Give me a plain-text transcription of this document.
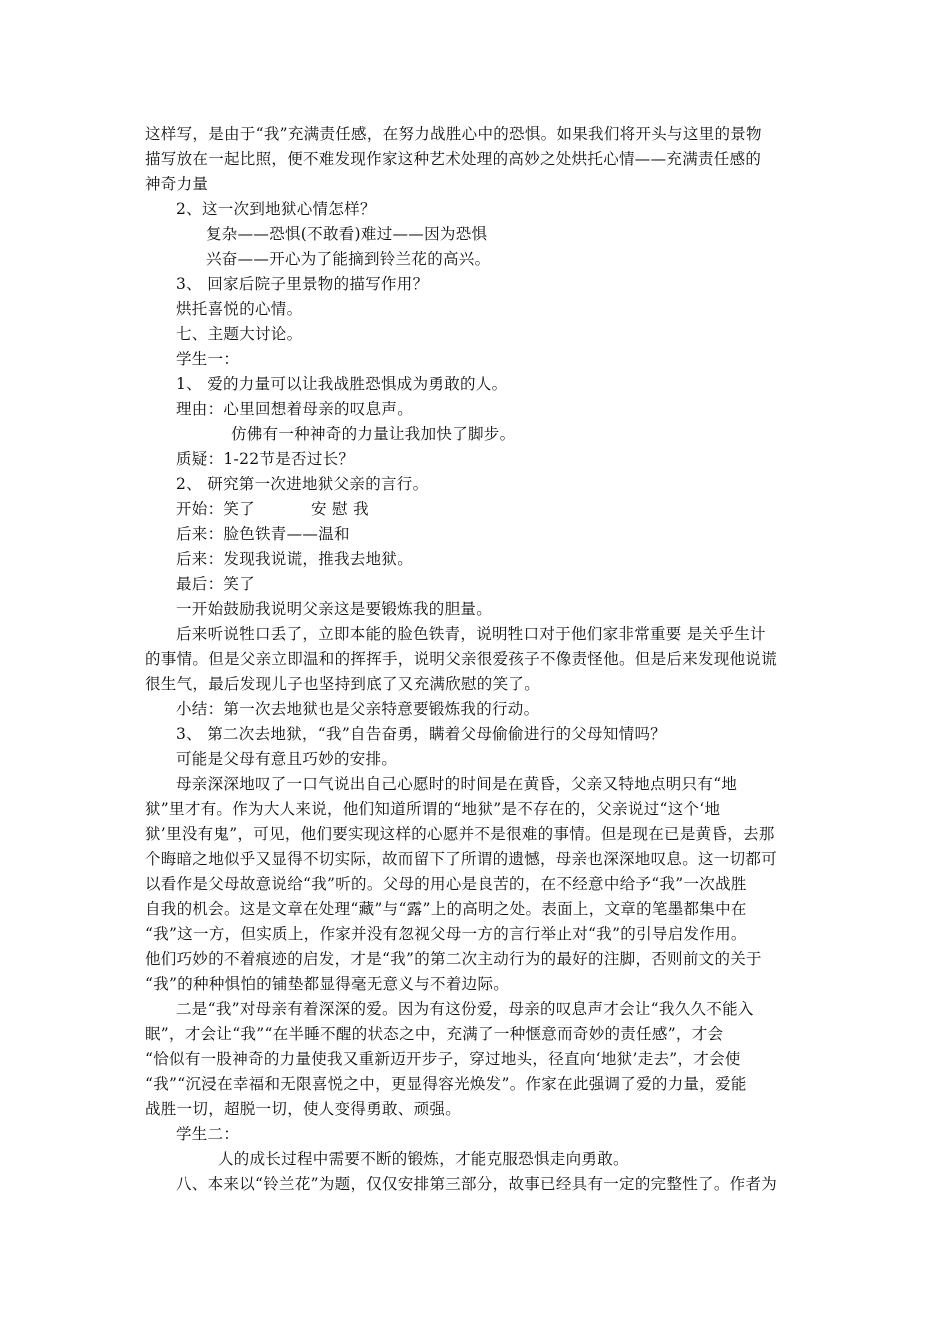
这样写，是由于“我”充满责任感，在努力战胜心中的恐惧。如果我们将开头与这里的景物
描写放在一起比照，便不难发现作家这种艺术处理的高妙之处烘托心情——充满责任感的
神奇力量
2、这一次到地狱心情怎样？
复杂——恐惧(不敢看)难过——因为恐惧
兴奋——开心为了能摘到铃兰花的高兴。
3、 回家后院子里景物的描写作用？
烘托喜悦的心情。
七、主题大讨论。
学生一：
1、 爱的力量可以让我战胜恐惧成为勇敢的人。
理由：心里回想着母亲的叹息声。
仿佛有一种神奇的力量让我加快了脚步。
质疑：1-22节是否过长？
2、 研究第一次进地狱父亲的言行。
开始：笑了	安 慰 我
后来：脸色铁青——温和
后来：发现我说谎，推我去地狱。
最后：笑了
一开始鼓励我说明父亲这是要锻炼我的胆量。
后来听说牲口丢了，立即本能的脸色铁青，说明牲口对于他们家非常重要 是关乎生计
的事情。但是父亲立即温和的挥挥手，说明父亲很爱孩子不像责怪他。但是后来发现他说谎
很生气，最后发现儿子也坚持到底了又充满欣慰的笑了。
小结：第一次去地狱也是父亲特意要锻炼我的行动。
3、 第二次去地狱，“我”自告奋勇，瞒着父母偷偷进行的父母知情吗？
可能是父母有意且巧妙的安排。
母亲深深地叹了一口气说出自己心愿时的时间是在黄昏，父亲又特地点明只有“地
狱”里才有。作为大人来说，他们知道所谓的“地狱”是不存在的，父亲说过“这个‘地
狱’里没有鬼”，可见，他们要实现这样的心愿并不是很难的事情。但是现在已是黄昏，去那
个晦暗之地似乎又显得不切实际，故而留下了所谓的遗憾，母亲也深深地叹息。这一切都可
以看作是父母故意说给“我”听的。父母的用心是良苦的，在不经意中给予“我”一次战胜
自我的机会。这是文章在处理“藏”与“露”上的高明之处。表面上，文章的笔墨都集中在
“我”这一方，但实质上，作家并没有忽视父母一方的言行举止对“我”的引导启发作用。
他们巧妙的不着痕迹的启发，才是“我”的第二次主动行为的最好的注脚，否则前文的关于
“我”的种种惧怕的铺垫都显得毫无意义与不着边际。
二是“我”对母亲有着深深的爱。因为有这份爱，母亲的叹息声才会让“我久久不能入
眠”，才会让“我”“在半睡不醒的状态之中，充满了一种惬意而奇妙的责任感”，才会
“恰似有一股神奇的力量使我又重新迈开步子，穿过地头，径直向‘地狱’走去”，才会使
“我”“沉浸在幸福和无限喜悦之中，更显得容光焕发”。作家在此强调了爱的力量，爱能
战胜一切，超脱一切，使人变得勇敢、顽强。
学生二：
人的成长过程中需要不断的锻炼，才能克服恐惧走向勇敢。
八、本来以“铃兰花”为题，仅仅安排第三部分，故事已经具有一定的完整性了。作者为
